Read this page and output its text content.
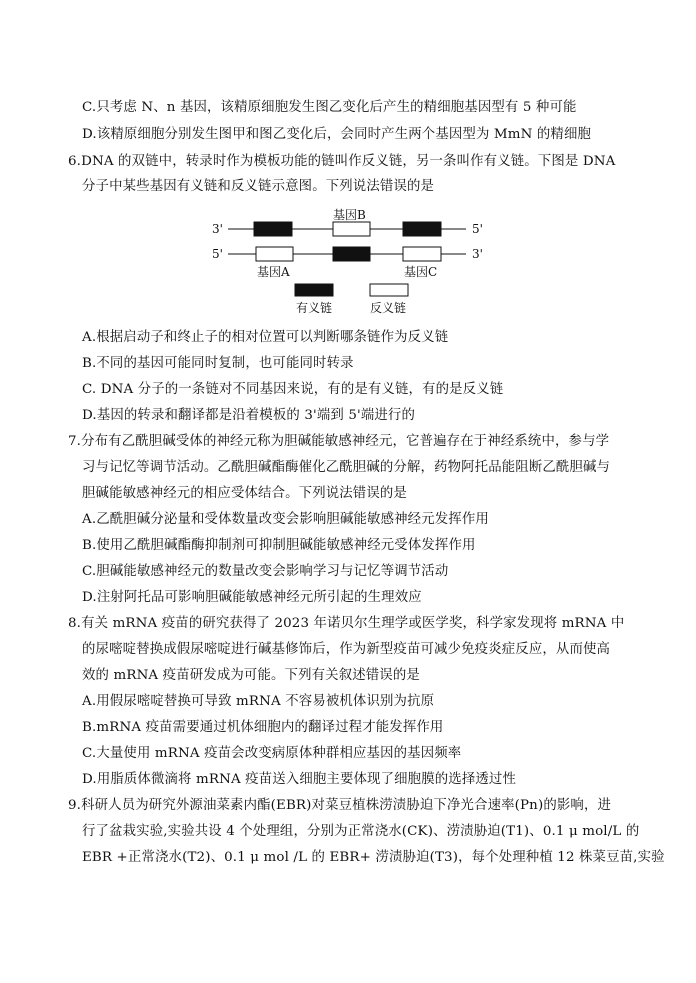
C.只考虑 N、n 基因，该精原细胞发生图乙变化后产生的精细胞基因型有 5 种可能
D.该精原细胞分别发生图甲和图乙变化后，会同时产生两个基因型为 MmN 的精细胞
6.DNA 的双链中，转录时作为模板功能的链叫作反义链，另一条叫作有义链。下图是 DNA
分子中某些基因有义链和反义链示意图。下列说法错误的是
3'	5'
基因B
5'	3'
基因A	基因C
有义链	反义链
A.根据启动子和终止子的相对位置可以判断哪条链作为反义链
B.不同的基因可能同时复制，也可能同时转录
C. DNA 分子的一条链对不同基因来说，有的是有义链，有的是反义链
D.基因的转录和翻译都是沿着模板的 3'端到 5'端进行的
7.分布有乙酰胆碱受体的神经元称为胆碱能敏感神经元，它普遍存在于神经系统中，参与学
习与记忆等调节活动。乙酰胆碱酯酶催化乙酰胆碱的分解，药物阿托品能阻断乙酰胆碱与
胆碱能敏感神经元的相应受体结合。下列说法错误的是
A.乙酰胆碱分泌量和受体数量改变会影响胆碱能敏感神经元发挥作用
B.使用乙酰胆碱酯酶抑制剂可抑制胆碱能敏感神经元受体发挥作用
C.胆碱能敏感神经元的数量改变会影响学习与记忆等调节活动
D.注射阿托品可影响胆碱能敏感神经元所引起的生理效应
8.有关 mRNA 疫苗的研究获得了 2023 年诺贝尔生理学或医学奖，科学家发现将 mRNA 中
的尿嘧啶替换成假尿嘧啶进行碱基修饰后，作为新型疫苗可减少免疫炎症反应，从而使高
效的 mRNA 疫苗研发成为可能。下列有关叙述错误的是
A.用假尿嘧啶替换可导致 mRNA 不容易被机体识别为抗原
B.mRNA 疫苗需要通过机体细胞内的翻译过程才能发挥作用
C.大量使用 mRNA 疫苗会改变病原体种群相应基因的基因频率
D.用脂质体微滴将 mRNA 疫苗送入细胞主要体现了细胞膜的选择透过性
9.科研人员为研究外源油菜素内酯(EBR)对菜豆植株涝渍胁迫下净光合速率(Pn)的影响，进
行了盆栽实验,实验共设 4 个处理组，分别为正常浇水(CK)、涝渍胁迫(T1)、0.1 μ mol/L 的
EBR +正常浇水(T2)、0.1 μ mol /L 的 EBR+ 涝渍胁迫(T3)，每个处理种植 12 株菜豆苗,实验
